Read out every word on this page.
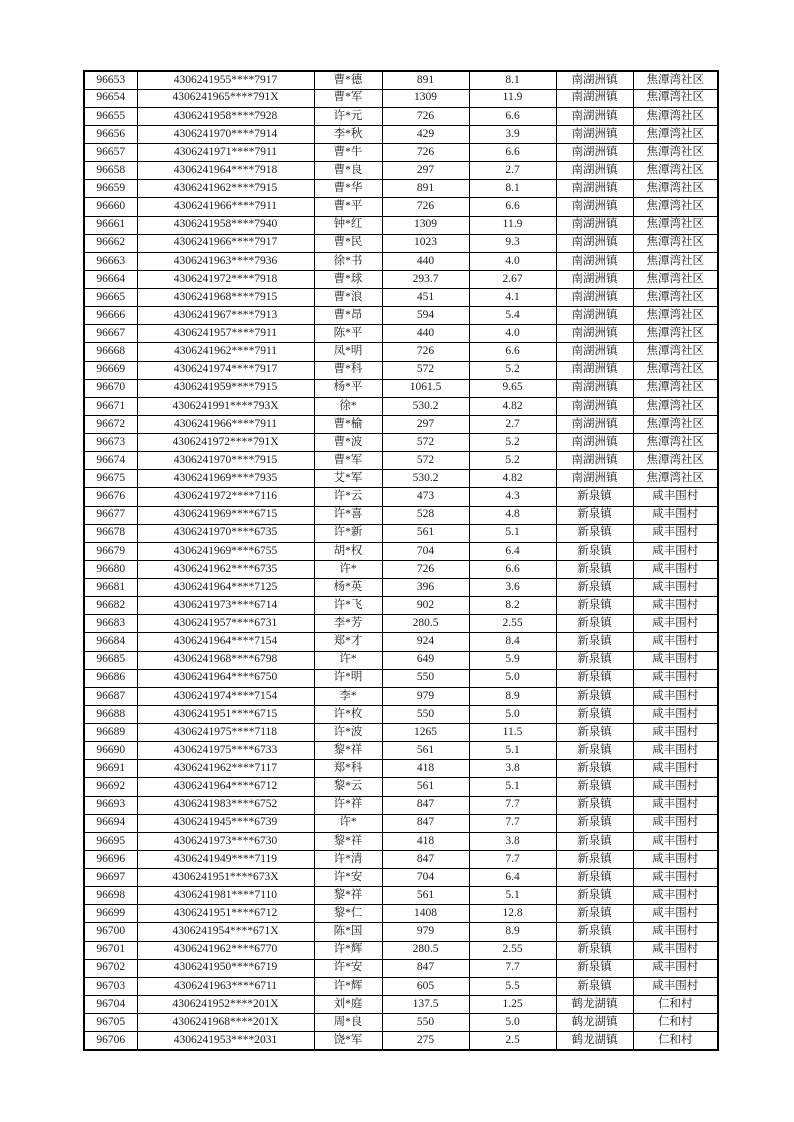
96653	4306241955****7917	曹*德	891	8.1	南湖洲镇	焦潭湾社区
96654	4306241965****791X	曹*军	1309	11.9	南湖洲镇	焦潭湾社区
96655	4306241958****7928	许*元	726	6.6	南湖洲镇	焦潭湾社区
96656	4306241970****7914	李*秋	429	3.9	南湖洲镇	焦潭湾社区
96657	4306241971****7911	曹*牛	726	6.6	南湖洲镇	焦潭湾社区
96658	4306241964****7918	曹*良	297	2.7	南湖洲镇	焦潭湾社区
96659	4306241962****7915	曹*华	891	8.1	南湖洲镇	焦潭湾社区
96660	4306241966****7911	曹*平	726	6.6	南湖洲镇	焦潭湾社区
96661	4306241958****7940	钟*红	1309	11.9	南湖洲镇	焦潭湾社区
96662	4306241966****7917	曹*民	1023	9.3	南湖洲镇	焦潭湾社区
96663	4306241963****7936	徐*书	440	4.0	南湖洲镇	焦潭湾社区
96664	4306241972****7918	曹*球	293.7	2.67	南湖洲镇	焦潭湾社区
96665	4306241968****7915	曹*浪	451	4.1	南湖洲镇	焦潭湾社区
96666	4306241967****7913	曹*昂	594	5.4	南湖洲镇	焦潭湾社区
96667	4306241957****7911	陈*平	440	4.0	南湖洲镇	焦潭湾社区
96668	4306241962****7911	凤*明	726	6.6	南湖洲镇	焦潭湾社区
96669	4306241974****7917	曹*科	572	5.2	南湖洲镇	焦潭湾社区
96670	4306241959****7915	杨*平	1061.5	9.65	南湖洲镇	焦潭湾社区
96671	4306241991****793X	徐*	530.2	4.82	南湖洲镇	焦潭湾社区
96672	4306241966****7911	曹*榆	297	2.7	南湖洲镇	焦潭湾社区
96673	4306241972****791X	曹*波	572	5.2	南湖洲镇	焦潭湾社区
96674	4306241970****7915	曹*军	572	5.2	南湖洲镇	焦潭湾社区
96675	4306241969****7935	艾*军	530.2	4.82	南湖洲镇	焦潭湾社区
96676	4306241972****7116	许*云	473	4.3	新泉镇	咸丰围村
96677	4306241969****6715	许*喜	528	4.8	新泉镇	咸丰围村
96678	4306241970****6735	许*新	561	5.1	新泉镇	咸丰围村
96679	4306241969****6755	胡*权	704	6.4	新泉镇	咸丰围村
96680	4306241962****6735	许*	726	6.6	新泉镇	咸丰围村
96681	4306241964****7125	杨*英	396	3.6	新泉镇	咸丰围村
96682	4306241973****6714	许*飞	902	8.2	新泉镇	咸丰围村
96683	4306241957****6731	李*芳	280.5	2.55	新泉镇	咸丰围村
96684	4306241964****7154	郑*才	924	8.4	新泉镇	咸丰围村
96685	4306241968****6798	许*	649	5.9	新泉镇	咸丰围村
96686	4306241964****6750	许*明	550	5.0	新泉镇	咸丰围村
96687	4306241974****7154	李*	979	8.9	新泉镇	咸丰围村
96688	4306241951****6715	许*枚	550	5.0	新泉镇	咸丰围村
96689	4306241975****7118	许*波	1265	11.5	新泉镇	咸丰围村
96690	4306241975****6733	黎*祥	561	5.1	新泉镇	咸丰围村
96691	4306241962****7117	郑*科	418	3.8	新泉镇	咸丰围村
96692	4306241964****6712	黎*云	561	5.1	新泉镇	咸丰围村
96693	4306241983****6752	许*祥	847	7.7	新泉镇	咸丰围村
96694	4306241945****6739	许*	847	7.7	新泉镇	咸丰围村
96695	4306241973****6730	黎*祥	418	3.8	新泉镇	咸丰围村
96696	4306241949****7119	许*清	847	7.7	新泉镇	咸丰围村
96697	4306241951****673X	许*安	704	6.4	新泉镇	咸丰围村
96698	4306241981****7110	黎*祥	561	5.1	新泉镇	咸丰围村
96699	4306241951****6712	黎*仁	1408	12.8	新泉镇	咸丰围村
96700	4306241954****671X	陈*国	979	8.9	新泉镇	咸丰围村
96701	4306241962****6770	许*辉	280.5	2.55	新泉镇	咸丰围村
96702	4306241950****6719	许*安	847	7.7	新泉镇	咸丰围村
96703	4306241963****6711	许*辉	605	5.5	新泉镇	咸丰围村
96704	4306241952****201X	刘*庭	137.5	1.25	鹤龙湖镇	仁和村
96705	4306241968****201X	周*良	550	5.0	鹤龙湖镇	仁和村
96706	4306241953****2031	饶*军	275	2.5	鹤龙湖镇	仁和村
